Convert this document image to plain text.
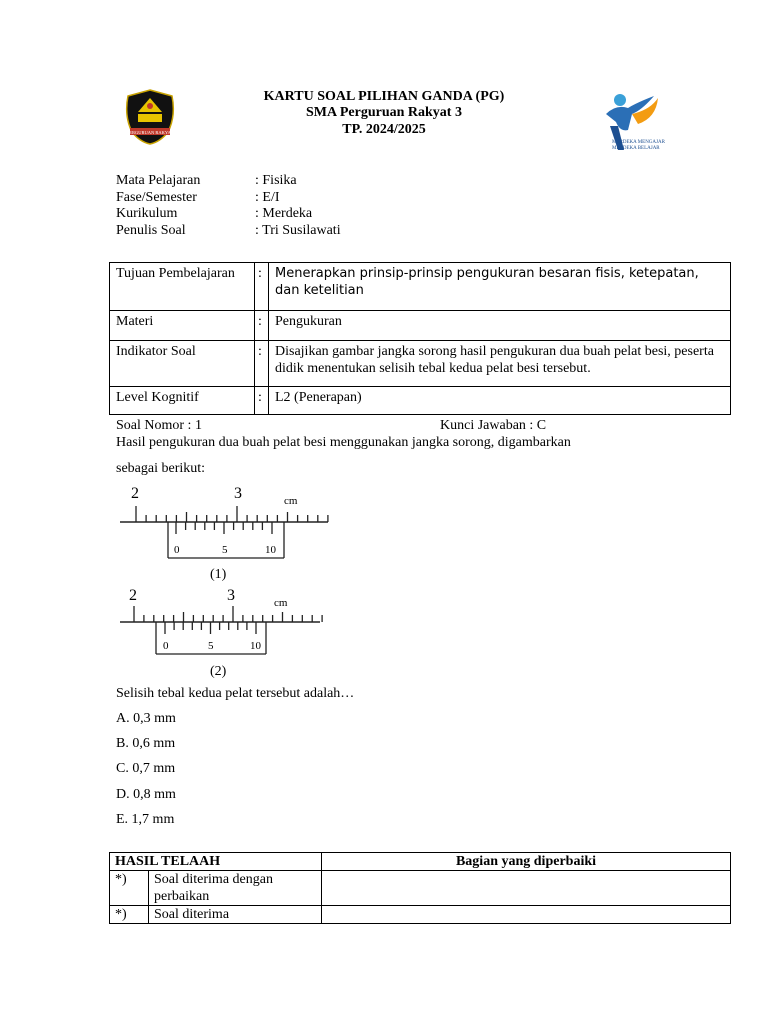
PERGURUAN RAKYAT
MERDEKA MENGAJAR
MERDEKA BELAJAR
KARTU SOAL PILIHAN GANDA (PG)
SMA Perguruan Rakyat 3
TP. 2024/2025
Mata Pelajaran	: Fisika
Fase/Semester	: E/I
Kurikulum	: Merdeka
Penulis Soal	: Tri Susilawati
Tujuan Pembelajaran	:	Menerapkan prinsip-prinsip pengukuran besaran fisis, ketepatan, dan ketelitian
Materi	:	Pengukuran
Indikator Soal	:	Disajikan gambar jangka sorong hasil pengukuran dua buah pelat besi, peserta didik menentukan selisih tebal kedua pelat besi tersebut.
Level Kognitif	:	L2 (Penerapan)
Soal Nomor : 1	Kunci Jawaban : C
Hasil pengukuran dua buah pelat besi menggunakan jangka sorong, digambarkan
sebagai berikut:
2	3	cm
0	5	10
(1)
2	3	cm
0	5	10
(2)
Selisih tebal kedua pelat tersebut adalah…
A. 0,3 mm
B. 0,6 mm
C. 0,7 mm
D. 0,8 mm
E. 1,7 mm
HASIL TELAAH		Bagian yang diperbaiki
*)	Soal diterima dengan perbaikan	
*)	Soal diterima	
